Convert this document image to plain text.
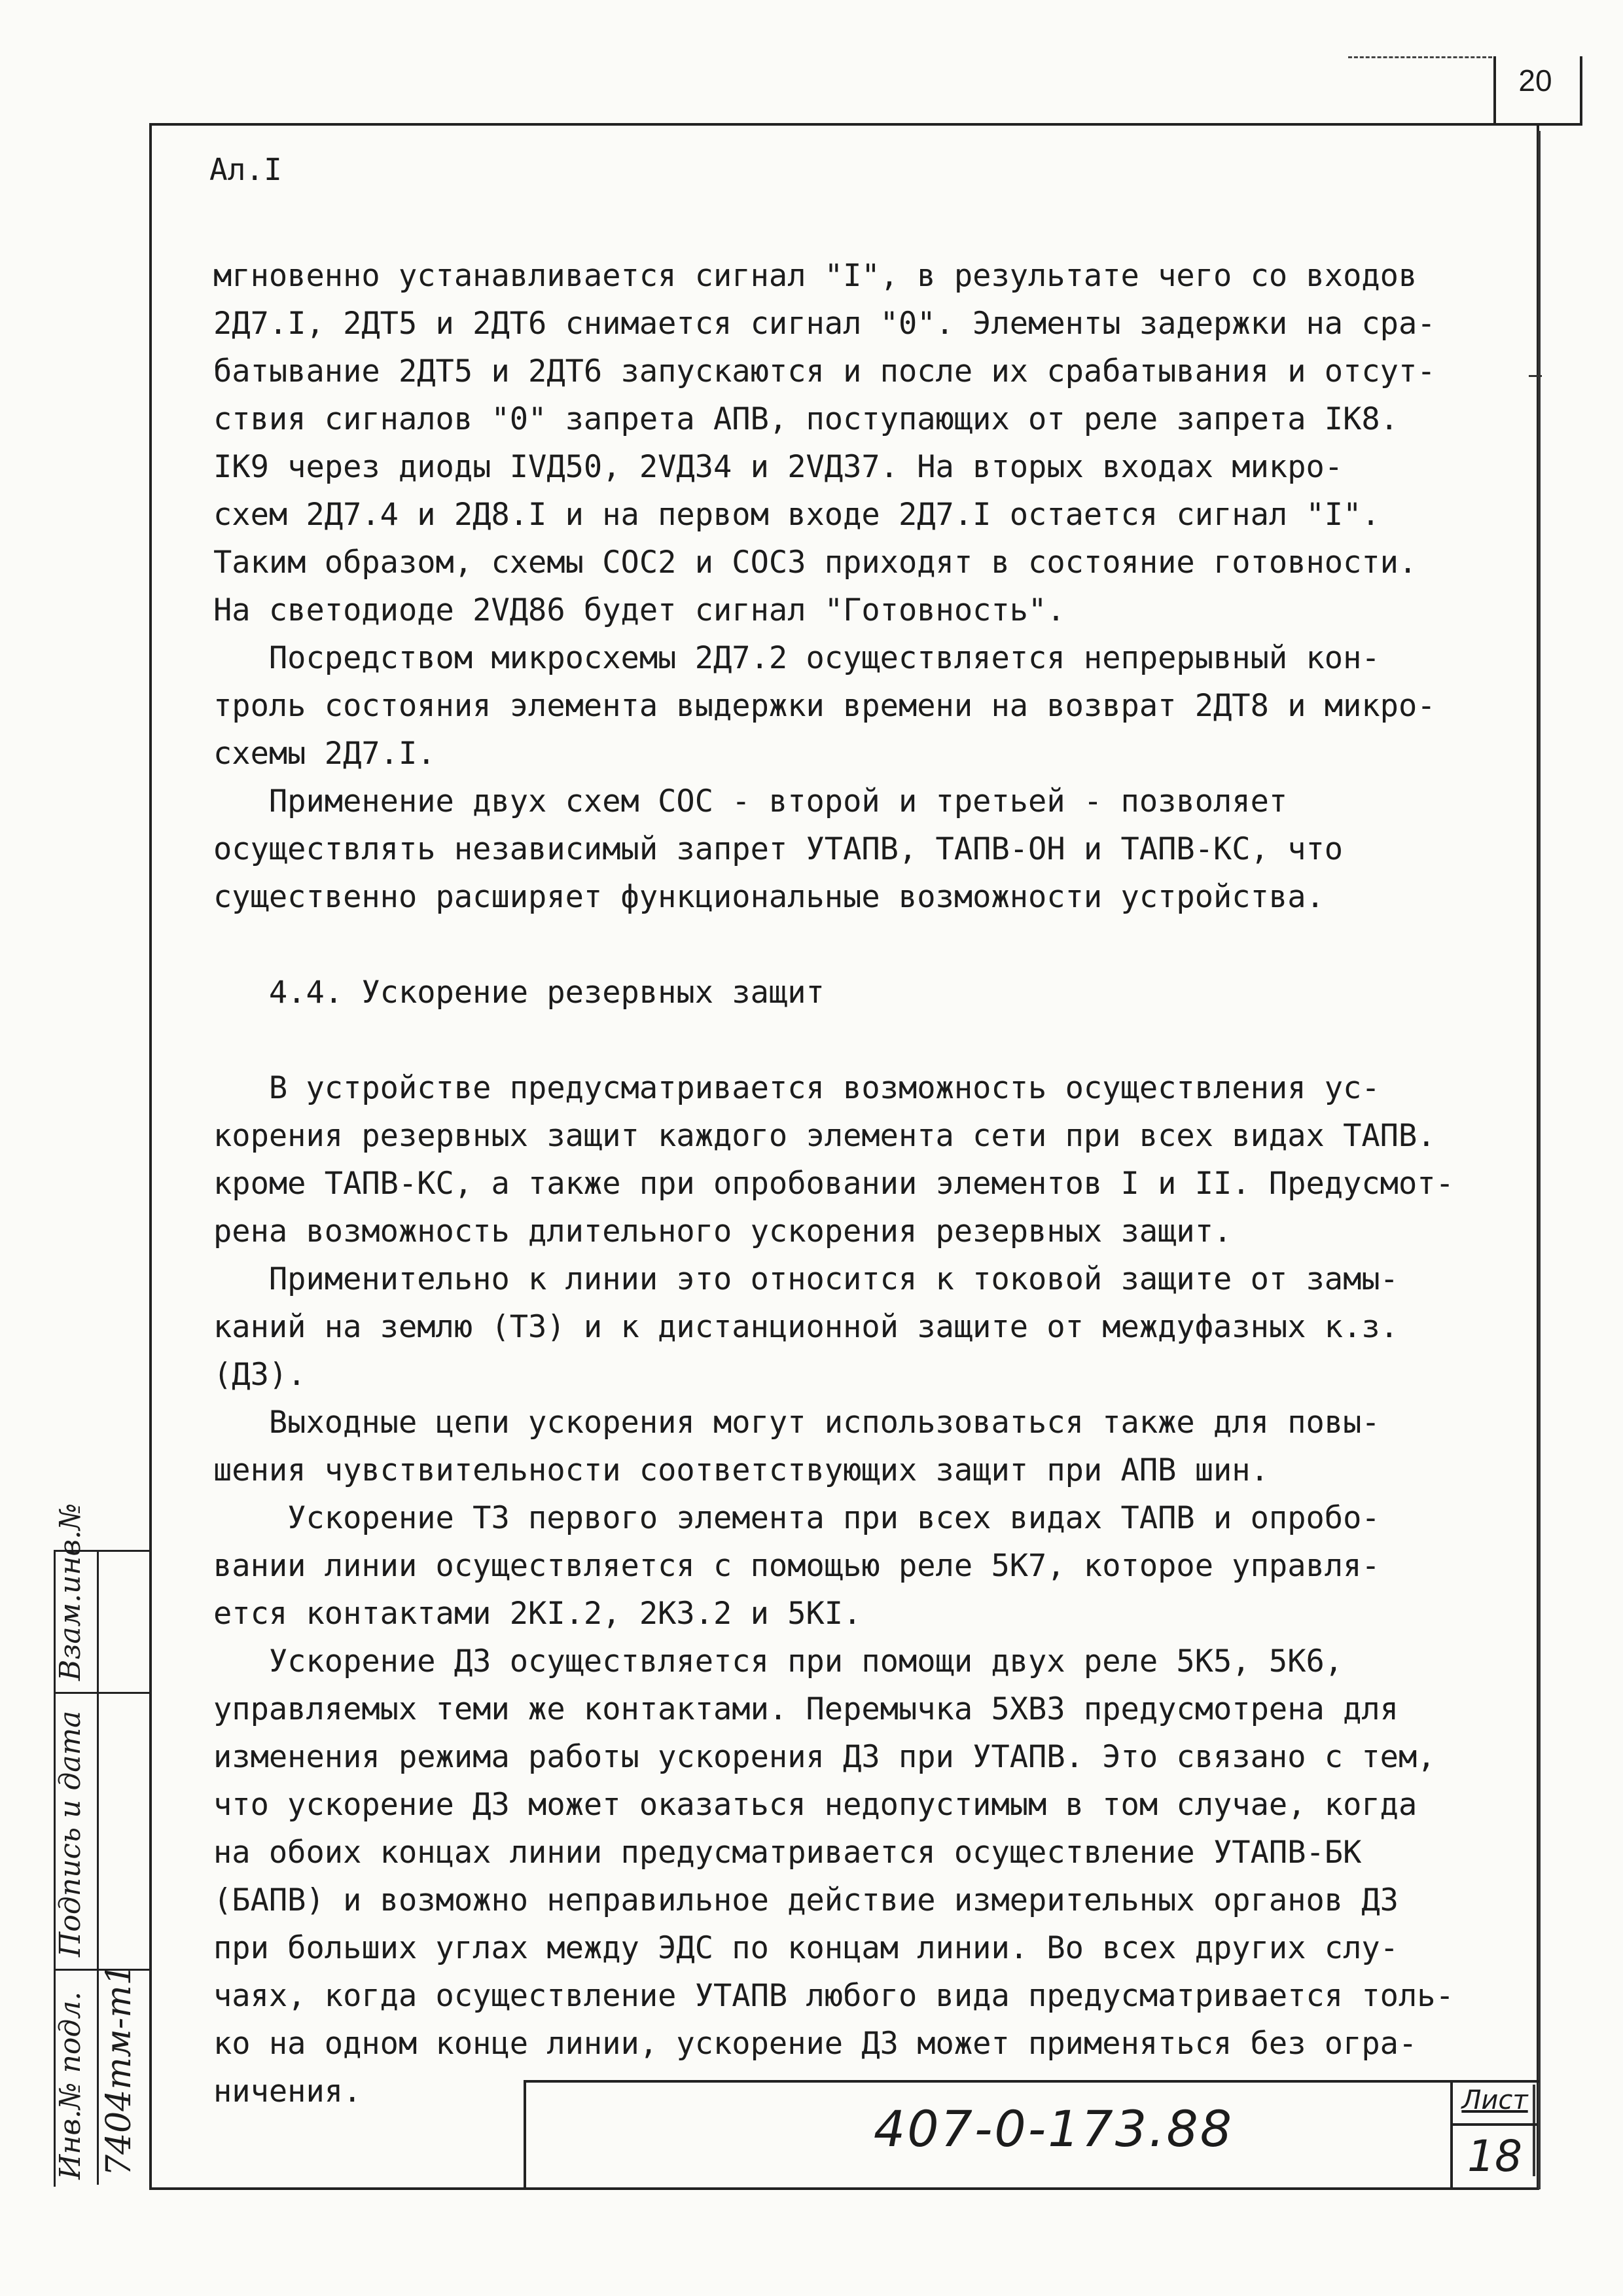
20
Ал.I
мгновенно устанавливается сигнал "I", в результате чего со входов
2Д7.I, 2ДТ5 и 2ДТ6 снимается сигнал "0". Элементы задержки на сра-
батывание 2ДТ5 и 2ДТ6 запускаются и после их срабатывания и отсут-
ствия сигналов "0" запрета АПВ, поступающих от реле запрета IК8.
IК9 через диоды IVД50, 2VД34 и 2VД37. На вторых входах микро-
схем 2Д7.4 и 2Д8.I и на первом входе 2Д7.I остается сигнал "I".
Таким образом, схемы СОС2 и СОС3 приходят в состояние готовности.
На светодиоде 2VД86 будет сигнал "Готовность".
Посредством микросхемы 2Д7.2 осуществляется непрерывный кон-
троль состояния элемента выдержки времени на возврат 2ДТ8 и микро-
схемы 2Д7.I.
Применение двух схем СОС - второй и третьей - позволяет
осуществлять независимый запрет УТАПВ, ТАПВ-ОН и ТАПВ-КС, что
существенно расширяет функциональные возможности устройства.
4.4. Ускорение резервных защит
В устройстве предусматривается возможность осуществления ус-
корения резервных защит каждого элемента сети при всех видах ТАПВ.
кроме ТАПВ-КС, а также при опробовании элементов I и II. Предусмот-
рена возможность длительного ускорения резервных защит.
Применительно к линии это относится к токовой защите от замы-
каний на землю (ТЗ) и к дистанционной защите от междуфазных к.з.
(ДЗ).
Выходные цепи ускорения могут использоваться также для повы-
шения чувствительности соответствующих защит при АПВ шин.
Ускорение ТЗ первого элемента при всех видах ТАПВ и опробо-
вании линии осуществляется с помощью реле 5К7, которое управля-
ется контактами 2КI.2, 2К3.2 и 5КI.
Ускорение ДЗ осуществляется при помощи двух реле 5К5, 5К6,
управляемых теми же контактами. Перемычка 5ХВ3 предусмотрена для
изменения режима работы ускорения ДЗ при УТАПВ. Это связано с тем,
что ускорение ДЗ может оказаться недопустимым в том случае, когда
на обоих концах линии предусматривается осуществление УТАПВ-БК
(БАПВ) и возможно неправильное действие измерительных органов ДЗ
при больших углах между ЭДС по концам линии. Во всех других слу-
чаях, когда осуществление УТАПВ любого вида предусматривается толь-
ко на одном конце линии, ускорение ДЗ может применяться без огра-
ничения.
Взам.инв.№
Подпись и дата
Инв.№ подл. 7404тм-т1	407-0-173.88	Лист
18
